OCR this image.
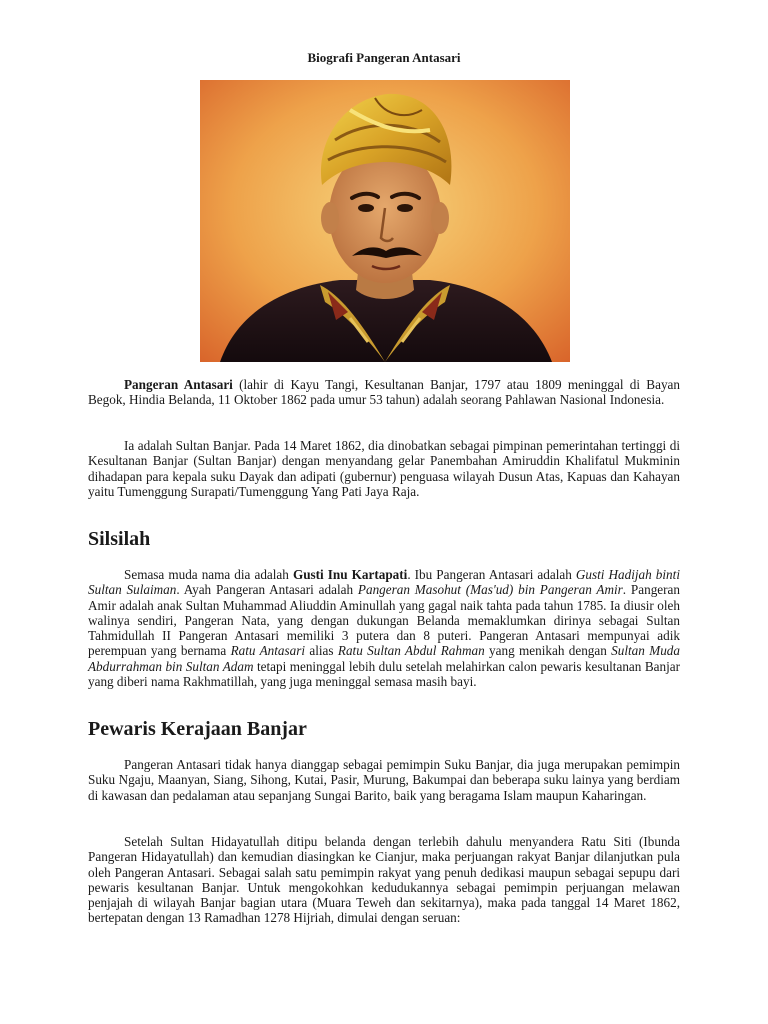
Biografi Pangeran Antasari

Pangeran Antasari (lahir di Kayu Tangi, Kesultanan Banjar, 1797 atau 1809 meninggal di Bayan Begok, Hindia Belanda, 11 Oktober 1862 pada umur 53 tahun) adalah seorang Pahlawan Nasional Indonesia.

Ia adalah Sultan Banjar. Pada 14 Maret 1862, dia dinobatkan sebagai pimpinan pemerintahan tertinggi di Kesultanan Banjar (Sultan Banjar) dengan menyandang gelar Panembahan Amiruddin Khalifatul Mukminin dihadapan para kepala suku Dayak dan adipati (gubernur) penguasa wilayah Dusun Atas, Kapuas dan Kahayan yaitu Tumenggung Surapati/Tumenggung Yang Pati Jaya Raja.

Silsilah

Semasa muda nama dia adalah Gusti Inu Kartapati. Ibu Pangeran Antasari adalah Gusti Hadijah binti Sultan Sulaiman. Ayah Pangeran Antasari adalah Pangeran Masohut (Mas'ud) bin Pangeran Amir. Pangeran Amir adalah anak Sultan Muhammad Aliuddin Aminullah yang gagal naik tahta pada tahun 1785. Ia diusir oleh walinya sendiri, Pangeran Nata, yang dengan dukungan Belanda memaklumkan dirinya sebagai Sultan Tahmidullah II Pangeran Antasari memiliki 3 putera dan 8 puteri. Pangeran Antasari mempunyai adik perempuan yang bernama Ratu Antasari alias Ratu Sultan Abdul Rahman yang menikah dengan Sultan Muda Abdurrahman bin Sultan Adam tetapi meninggal lebih dulu setelah melahirkan calon pewaris kesultanan Banjar yang diberi nama Rakhmatillah, yang juga meninggal semasa masih bayi.

Pewaris Kerajaan Banjar

Pangeran Antasari tidak hanya dianggap sebagai pemimpin Suku Banjar, dia juga merupakan pemimpin Suku Ngaju, Maanyan, Siang, Sihong, Kutai, Pasir, Murung, Bakumpai dan beberapa suku lainya yang berdiam di kawasan dan pedalaman atau sepanjang Sungai Barito, baik yang beragama Islam maupun Kaharingan.

Setelah Sultan Hidayatullah ditipu belanda dengan terlebih dahulu menyandera Ratu Siti (Ibunda Pangeran Hidayatullah) dan kemudian diasingkan ke Cianjur, maka perjuangan rakyat Banjar dilanjutkan pula oleh Pangeran Antasari. Sebagai salah satu pemimpin rakyat yang penuh dedikasi maupun sebagai sepupu dari pewaris kesultanan Banjar. Untuk mengokohkan kedudukannya sebagai pemimpin perjuangan melawan penjajah di wilayah Banjar bagian utara (Muara Teweh dan sekitarnya), maka pada tanggal 14 Maret 1862, bertepatan dengan 13 Ramadhan 1278 Hijriah, dimulai dengan seruan:
